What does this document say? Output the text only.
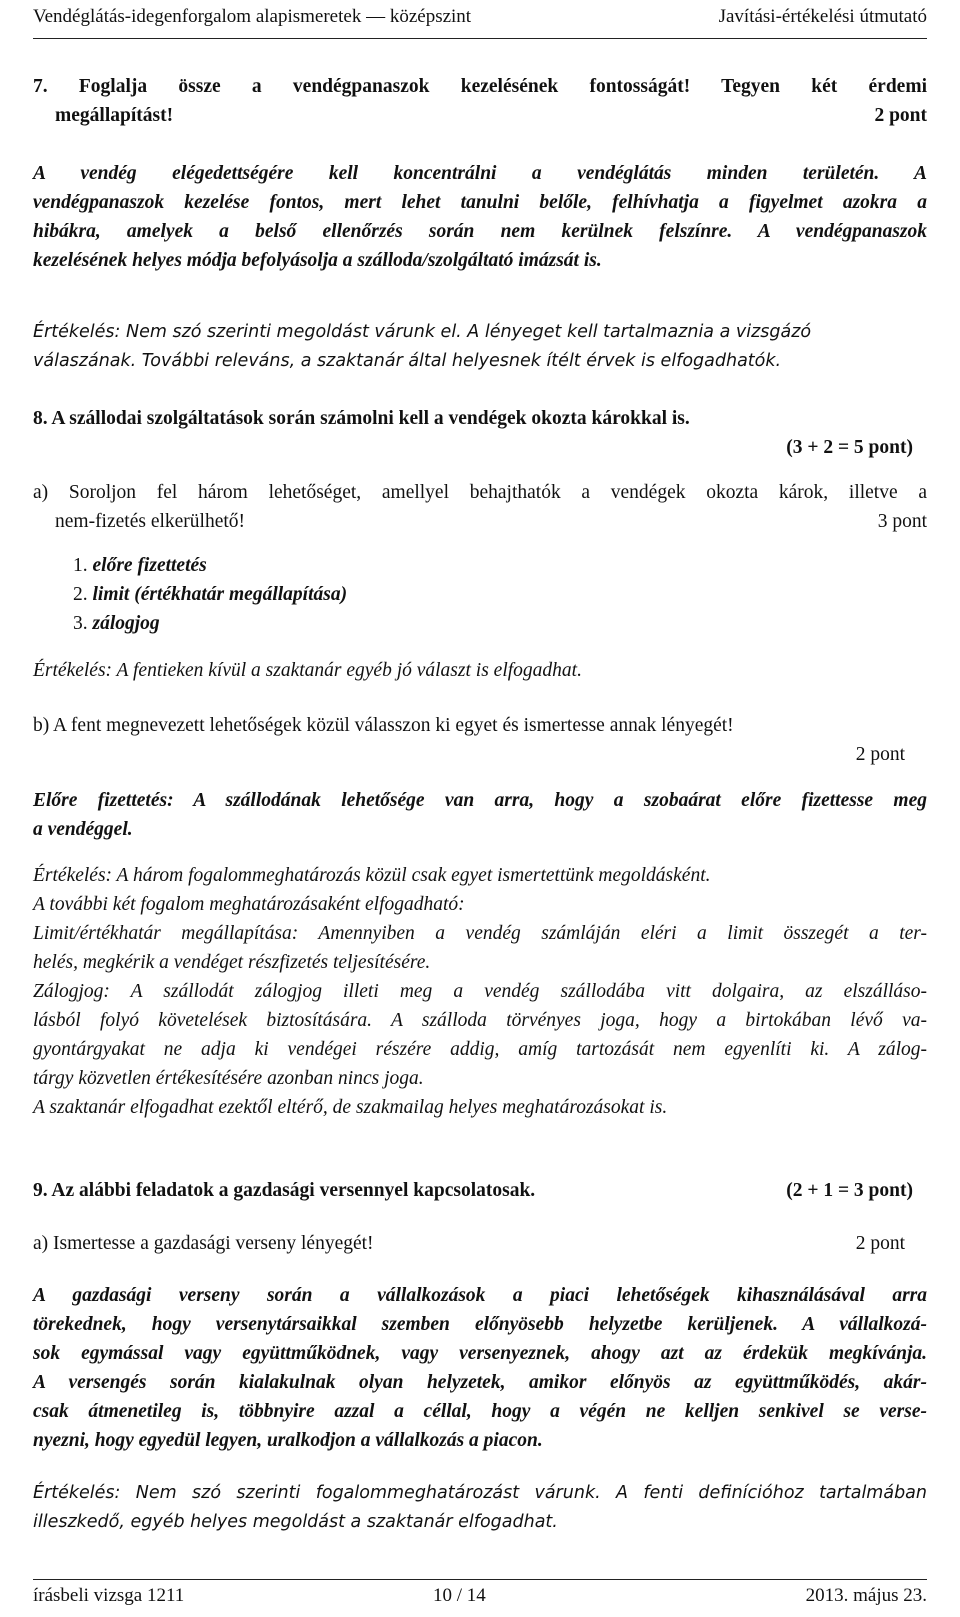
Vendéglátás-idegenforgalom alapismeretek — középszint	Javítási-értékelési útmutató
7. Foglalja össze a vendégpanaszok kezelésének fontosságát! Tegyen két érdemi
megállapítást!	2 pont
A vendég elégedettségére kell koncentrálni a vendéglátás minden területén. A
vendégpanaszok kezelése fontos, mert lehet tanulni belőle, felhívhatja a figyelmet azokra a
hibákra, amelyek a belső ellenőrzés során nem kerülnek felszínre. A vendégpanaszok
kezelésének helyes módja befolyásolja a szálloda/szolgáltató imázsát is.
Értékelés: Nem szó szerinti megoldást várunk el. A lényeget kell tartalmaznia a vizsgázó
válaszának. További releváns, a szaktanár által helyesnek ítélt érvek is elfogadhatók.
8. A szállodai szolgáltatások során számolni kell a vendégek okozta károkkal is.
(3 + 2 = 5 pont)
a) Soroljon fel három lehetőséget, amellyel behajthatók a vendégek okozta károk, illetve a
nem-fizetés elkerülhető!	3 pont
1. előre fizettetés
2. limit (értékhatár megállapítása)
3. zálogjog
Értékelés: A fentieken kívül a szaktanár egyéb jó választ is elfogadhat.
b) A fent megnevezett lehetőségek közül válasszon ki egyet és ismertesse annak lényegét!
2 pont
Előre fizettetés: A szállodának lehetősége van arra, hogy a szobaárat előre fizettesse meg
a vendéggel.
Értékelés: A három fogalommeghatározás közül csak egyet ismertettünk megoldásként.
A további két fogalom meghatározásaként elfogadható:
Limit/értékhatár megállapítása: Amennyiben a vendég számláján eléri a limit összegét a ter-
helés, megkérik a vendéget részfizetés teljesítésére.
Zálogjog: A szállodát zálogjog illeti meg a vendég szállodába vitt dolgaira, az elszálláso-
lásból folyó követelések biztosítására. A szálloda törvényes joga, hogy a birtokában lévő va-
gyontárgyakat ne adja ki vendégei részére addig, amíg tartozását nem egyenlíti ki. A zálog-
tárgy közvetlen értékesítésére azonban nincs joga.
A szaktanár elfogadhat ezektől eltérő, de szakmailag helyes meghatározásokat is.
9. Az alábbi feladatok a gazdasági versennyel kapcsolatosak.	(2 + 1 = 3 pont)
a) Ismertesse a gazdasági verseny lényegét!	2 pont
A gazdasági verseny során a vállalkozások a piaci lehetőségek kihasználásával arra
törekednek, hogy versenytársaikkal szemben előnyösebb helyzetbe kerüljenek. A vállalkozá-
sok egymással vagy együttműködnek, vagy versenyeznek, ahogy azt az érdekük megkívánja.
A versengés során kialakulnak olyan helyzetek, amikor előnyös az együttműködés, akár-
csak átmenetileg is, többnyire azzal a céllal, hogy a végén ne kelljen senkivel se verse-
nyezni, hogy egyedül legyen, uralkodjon a vállalkozás a piacon.
Értékelés: Nem szó szerinti fogalommeghatározást várunk. A fenti definícióhoz tartalmában
illeszkedő, egyéb helyes megoldást a szaktanár elfogadhat.
írásbeli vizsga 1211	10 / 14	2013. május 23.
